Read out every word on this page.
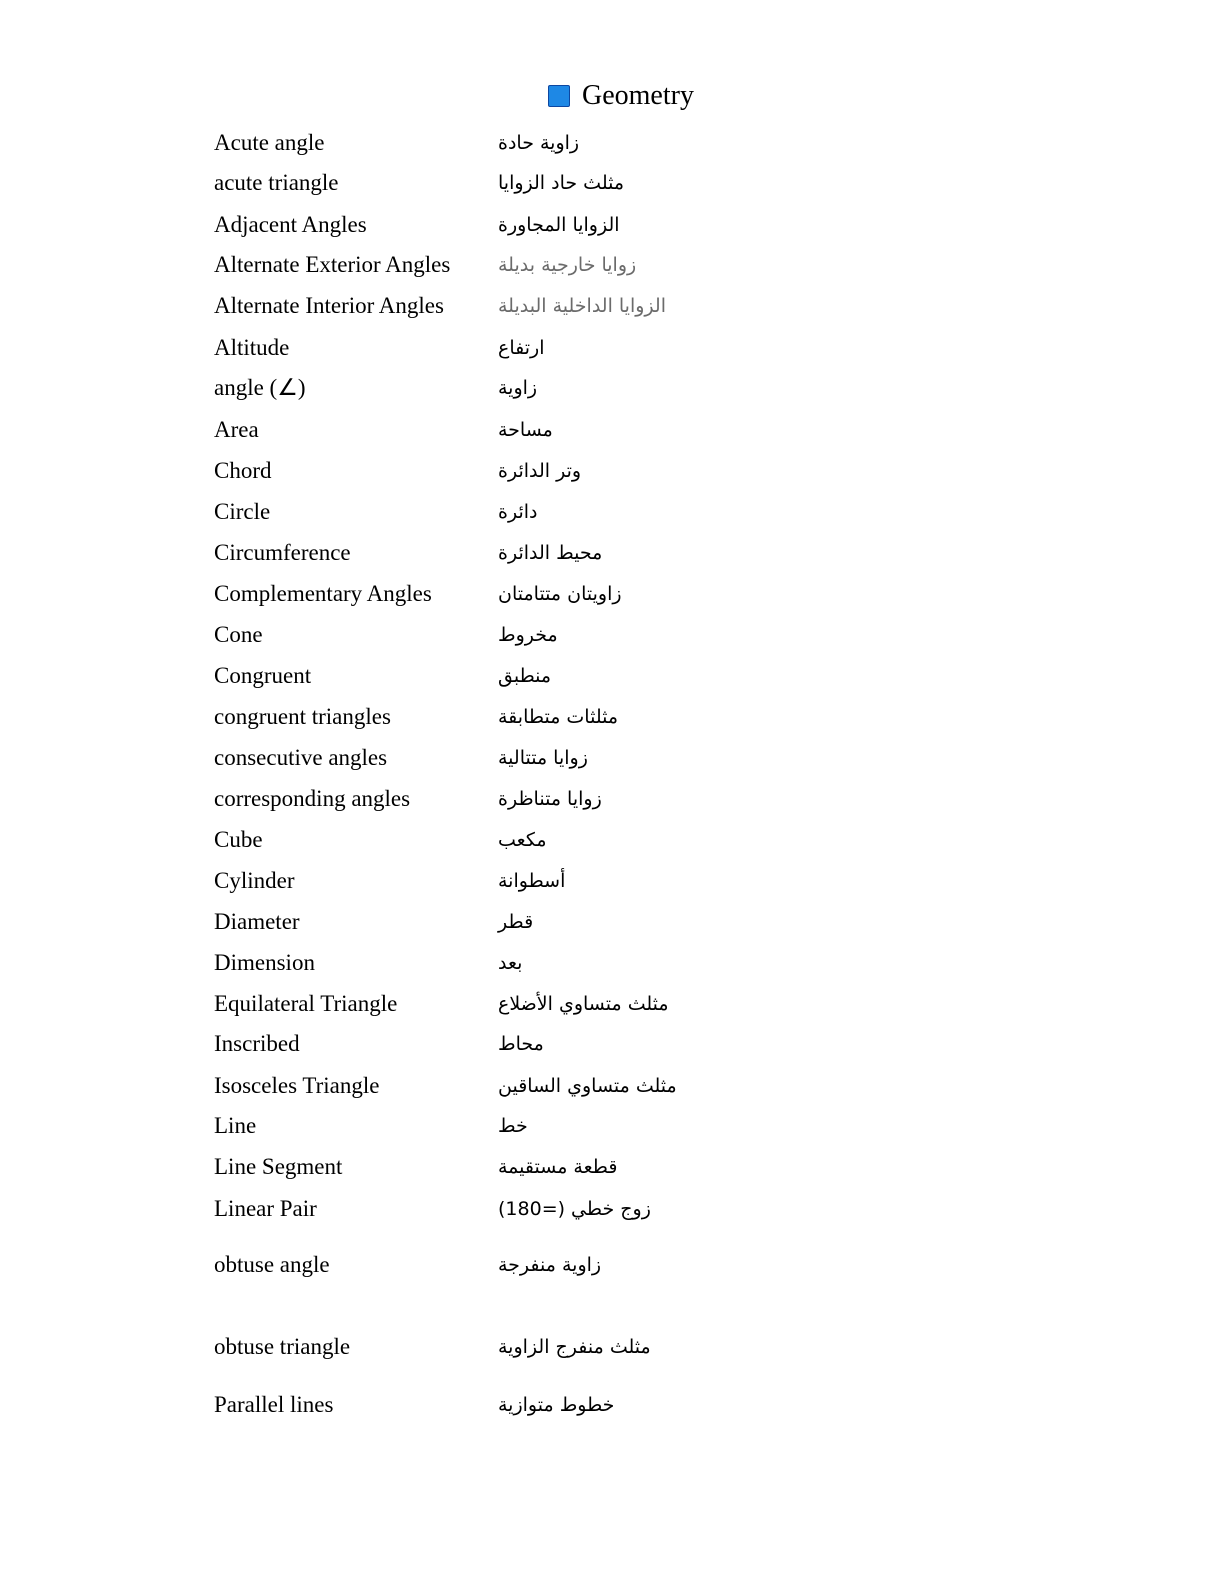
Geometry
Acute angle	زاوية حادة
acute triangle	مثلث حاد الزوايا
Adjacent Angles	الزوايا المجاورة
Alternate Exterior Angles	زوايا خارجية بديلة
Alternate Interior Angles	الزوايا الداخلية البديلة
Altitude	ارتفاع
angle (∠)	زاوية
Area	مساحة
Chord	وتر الدائرة
Circle	دائرة
Circumference	محيط الدائرة
Complementary Angles	زاويتان متتامتان
Cone	مخروط
Congruent	منطبق
congruent triangles	مثلثات متطابقة
consecutive angles	زوايا متتالية
corresponding angles	زوايا متناظرة
Cube	مكعب
Cylinder	أسطوانة
Diameter	قطر
Dimension	بعد
Equilateral Triangle	مثلث متساوي الأضلاع
Inscribed	محاط
Isosceles Triangle	مثلث متساوي الساقين
Line	خط
Line Segment	قطعة مستقيمة
Linear Pair	زوج خطي (=180)
obtuse angle	زاوية منفرجة
obtuse triangle	مثلث منفرج الزاوية
Parallel lines	خطوط متوازية
